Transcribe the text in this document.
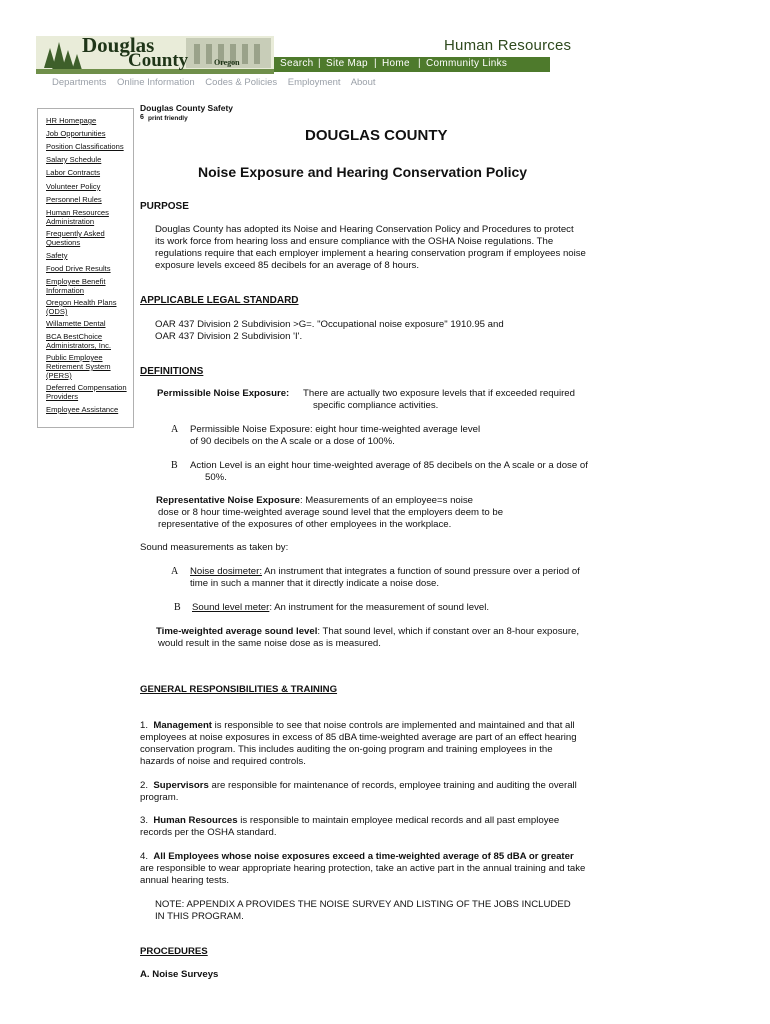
Douglas
County	Oregon
Human Resources
Search | Site Map | Home | Community Links
Departments Online Information Codes & Policies Employment About
HR Homepage
Job Opportunities
Position Classifications
Salary Schedule
Labor Contracts
Volunteer Policy
Personnel Rules
Human Resources Administration
Frequently Asked Questions
Safety
Food Drive Results
Employee Benefit Information
Oregon Health Plans (ODS)
Willamette Dental
BCA BestChoice Administrators, Inc.
Public Employee Retirement System (PERS)
Deferred Compensation Providers
Employee Assistance
Douglas County Safety
6 print friendly
DOUGLAS COUNTY
Noise Exposure and Hearing Conservation Policy
PURPOSE
Douglas County has adopted its Noise and Hearing Conservation Policy and Procedures to protect
its work force from hearing loss and ensure compliance with the OSHA Noise regulations. The
regulations require that each employer implement a hearing conservation program if employees noise
exposure levels exceed 85 decibels for an average of 8 hours.
APPLICABLE LEGAL STANDARD
OAR 437 Division 2 Subdivision >G=. "Occupational noise exposure" 1910.95 and
OAR 437 Division 2 Subdivision 'I'.
DEFINITIONS
Permissible Noise Exposure: There are actually two exposure levels that if exceeded required
specific compliance activities.
A Permissible Noise Exposure: eight hour time-weighted average level
of 90 decibels on the A scale or a dose of 100%.
B Action Level is an eight hour time-weighted average of 85 decibels on the A scale or a dose of
50%.
Representative Noise Exposure: Measurements of an employee=s noise
dose or 8 hour time-weighted average sound level that the employers deem to be
representative of the exposures of other employees in the workplace.
Sound measurements as taken by:
A Noise dosimeter: An instrument that integrates a function of sound pressure over a period of
time in such a manner that it directly indicate a noise dose.
B Sound level meter: An instrument for the measurement of sound level.
Time-weighted average sound level: That sound level, which if constant over an 8-hour exposure,
would result in the same noise dose as is measured.
GENERAL RESPONSIBILITIES & TRAINING
1. Management is responsible to see that noise controls are implemented and maintained and that all
employees at noise exposures in excess of 85 dBA time-weighted average are part of an effect hearing
conservation program. This includes auditing the on-going program and training employees in the
hazards of noise and required controls.
2. Supervisors are responsible for maintenance of records, employee training and auditing the overall
program.
3. Human Resources is responsible to maintain employee medical records and all past employee
records per the OSHA standard.
4. All Employees whose noise exposures exceed a time-weighted average of 85 dBA or greater
are responsible to wear appropriate hearing protection, take an active part in the annual training and take
annual hearing tests.
NOTE: APPENDIX A PROVIDES THE NOISE SURVEY AND LISTING OF THE JOBS INCLUDED
IN THIS PROGRAM.
PROCEDURES
A. Noise Surveys
